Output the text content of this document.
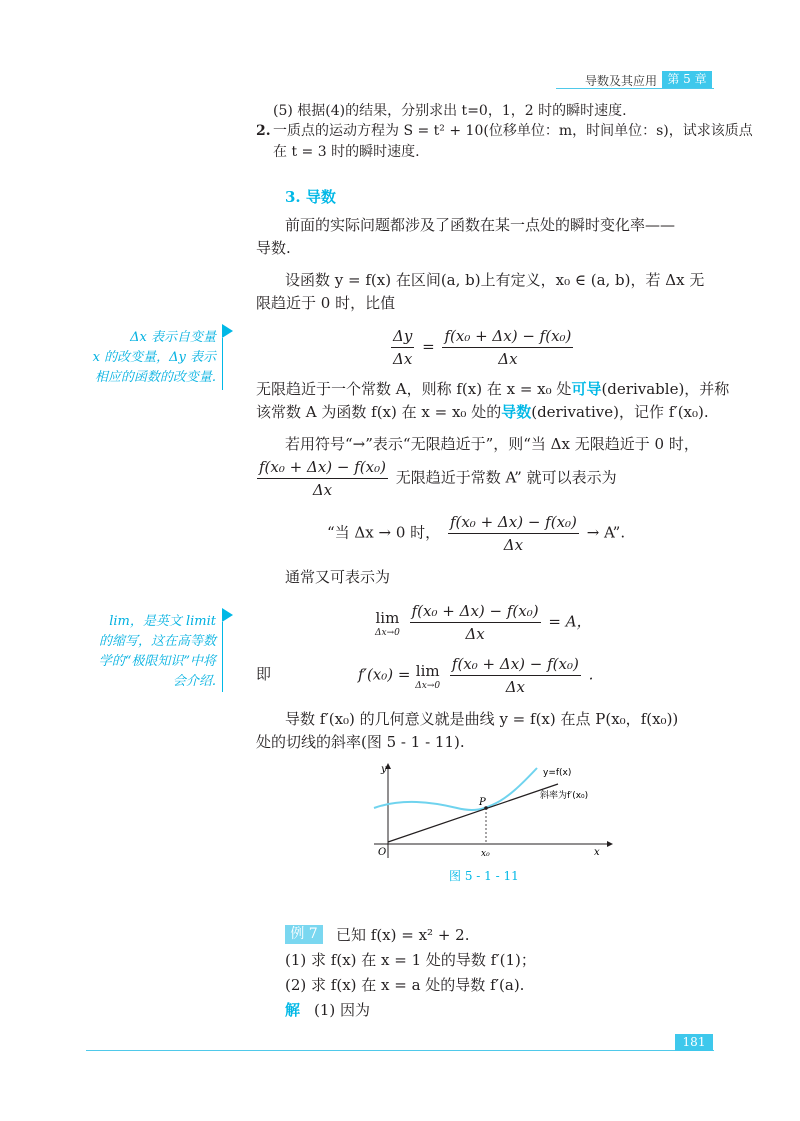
导数及其应用 第 5 章
(5) 根据(4)的结果，分别求出 t=0，1，2 时的瞬时速度.
2. 一质点的运动方程为 S = t² + 10(位移单位：m，时间单位：s)，试求该质点
在 t = 3 时的瞬时速度.
3. 导数
前面的实际问题都涉及了函数在某一点处的瞬时变化率——
导数.
设函数 y = f(x) 在区间(a, b)上有定义，x₀ ∈ (a, b)，若 Δx 无
限趋近于 0 时，比值
$\frac{\Delta y}{\Delta x} = \frac{\text{f(x₀ + Δx) − f(x₀)}}{\Delta x}$
Δx 表示自变量
x 的改变量，Δy 表示
相应的函数的改变量.
无限趋近于一个常数 A，则称 f(x) 在 x = x₀ 处可导(derivable)，并称
该常数 A 为函数 f(x) 在 x = x₀ 处的导数(derivative)，记作 f′(x₀).
若用符号“→”表示“无限趋近于”，则“当 Δx 无限趋近于 0 时，
$\frac{\text{f(x₀ + Δx) − f(x₀)}}{\Delta x}$ 无限趋近于常数 A” 就可以表示为
“当 Δx → 0 时， $\frac{\text{f(x₀ + Δx) − f(x₀)}}{\Delta x} \to A$”.
通常又可表示为
lim
Δx→0
$\frac{\text{f(x₀ + Δx) − f(x₀)}}{\Delta x} = A$，
lim，是英文 limit
的缩写，这在高等数
学的“极限知识”中将
会介绍.	即	f′(x₀) = lim
Δx→0
$\frac{\text{f(x₀ + Δx) − f(x₀)}}{\Delta x}$ .
导数 f′(x₀) 的几何意义就是曲线 y = f(x) 在点 P(x₀，f(x₀))
处的切线的斜率(图 5 - 1 - 11).
y
x
O
P
x₀
y=f(x)
斜率为f′(x₀)
图 5 - 1 - 11
例 7	已知 f(x) = x² + 2.
(1) 求 f(x) 在 x = 1 处的导数 f′(1)；
(2) 求 f(x) 在 x = a 处的导数 f′(a).
解 (1) 因为
181
